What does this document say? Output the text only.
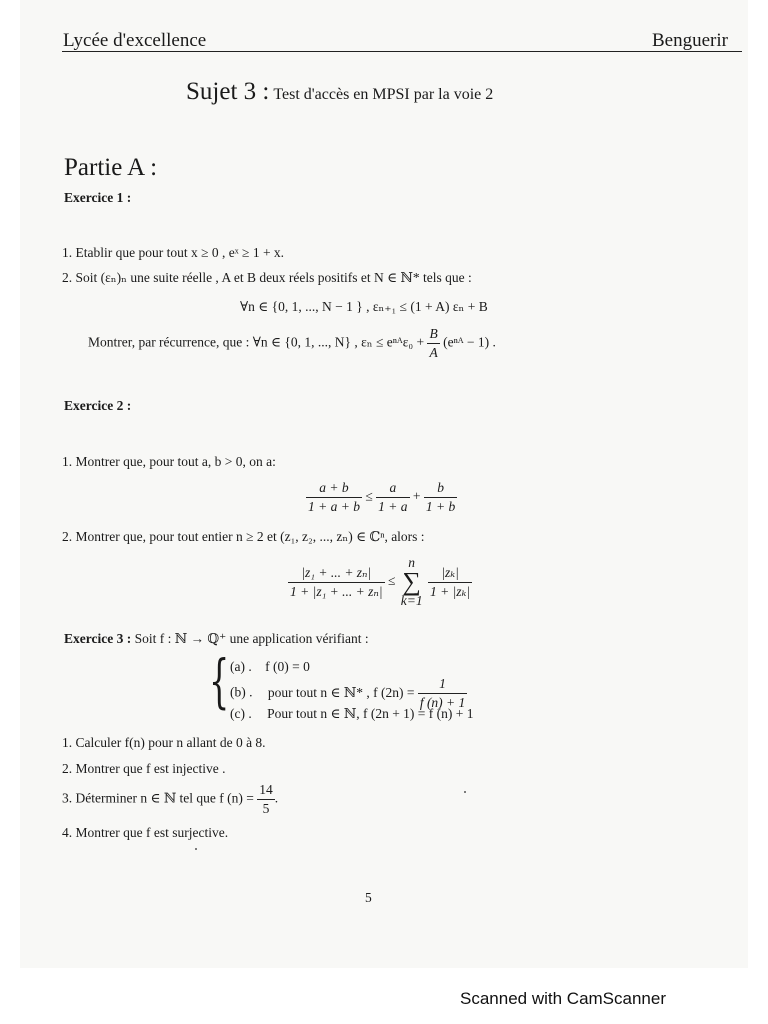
Lycée d'excellence	Benguerir
Sujet 3 : Test d'accès en MPSI par la voie 2
Partie A :
Exercice 1 :
1. Etablir que pour tout x ≥ 0 , eˣ ≥ 1 + x.
2. Soit (εₙ)ₙ une suite réelle , A et B deux réels positifs et N ∈ ℕ* tels que :
∀n ∈ {0, 1, ..., N − 1 } , εₙ₊₁ ≤ (1 + A) εₙ + B
Montrer, par récurrence, que : ∀n ∈ {0, 1, ..., N} , εₙ ≤ eⁿᴬε₀ + $\frac{B}{A}$ (eⁿᴬ − 1) .
Exercice 2 :
1. Montrer que, pour tout a, b > 0, on a:
$\frac{a + b}{1 + a + b} \le \frac{a}{1 + a} + \frac{b}{1 + b}$
2. Montrer que, pour tout entier n ≥ 2 et (z₁, z₂, ..., zₙ) ∈ ℂⁿ, alors :
$\frac{\text{|z₁ + ... + zₙ|}}{\text{1 + |z₁ + ... + zₙ|}} \le n$
∑
k=1
$\frac{\text{|zₖ|}}{\text{1 + |zₖ|}}$
Exercice 3 : Soit f : ℕ → ℚ⁺ une application vérifiant :
{ (a) . f (0) = 0
(b) . pour tout n ∈ ℕ* , f $(2n) = \frac{1}{f (n) + 1}$
(c) . Pour tout n ∈ ℕ, f (2n + 1) = f (n) + 1
1. Calculer f(n) pour n allant de 0 à 8.
2. Montrer que f est injective .
3. Déterminer n ∈ ℕ tel que f $(n) = \frac{14}{5}$ .
4. Montrer que f est surjective.
5
Scanned with CamScanner
